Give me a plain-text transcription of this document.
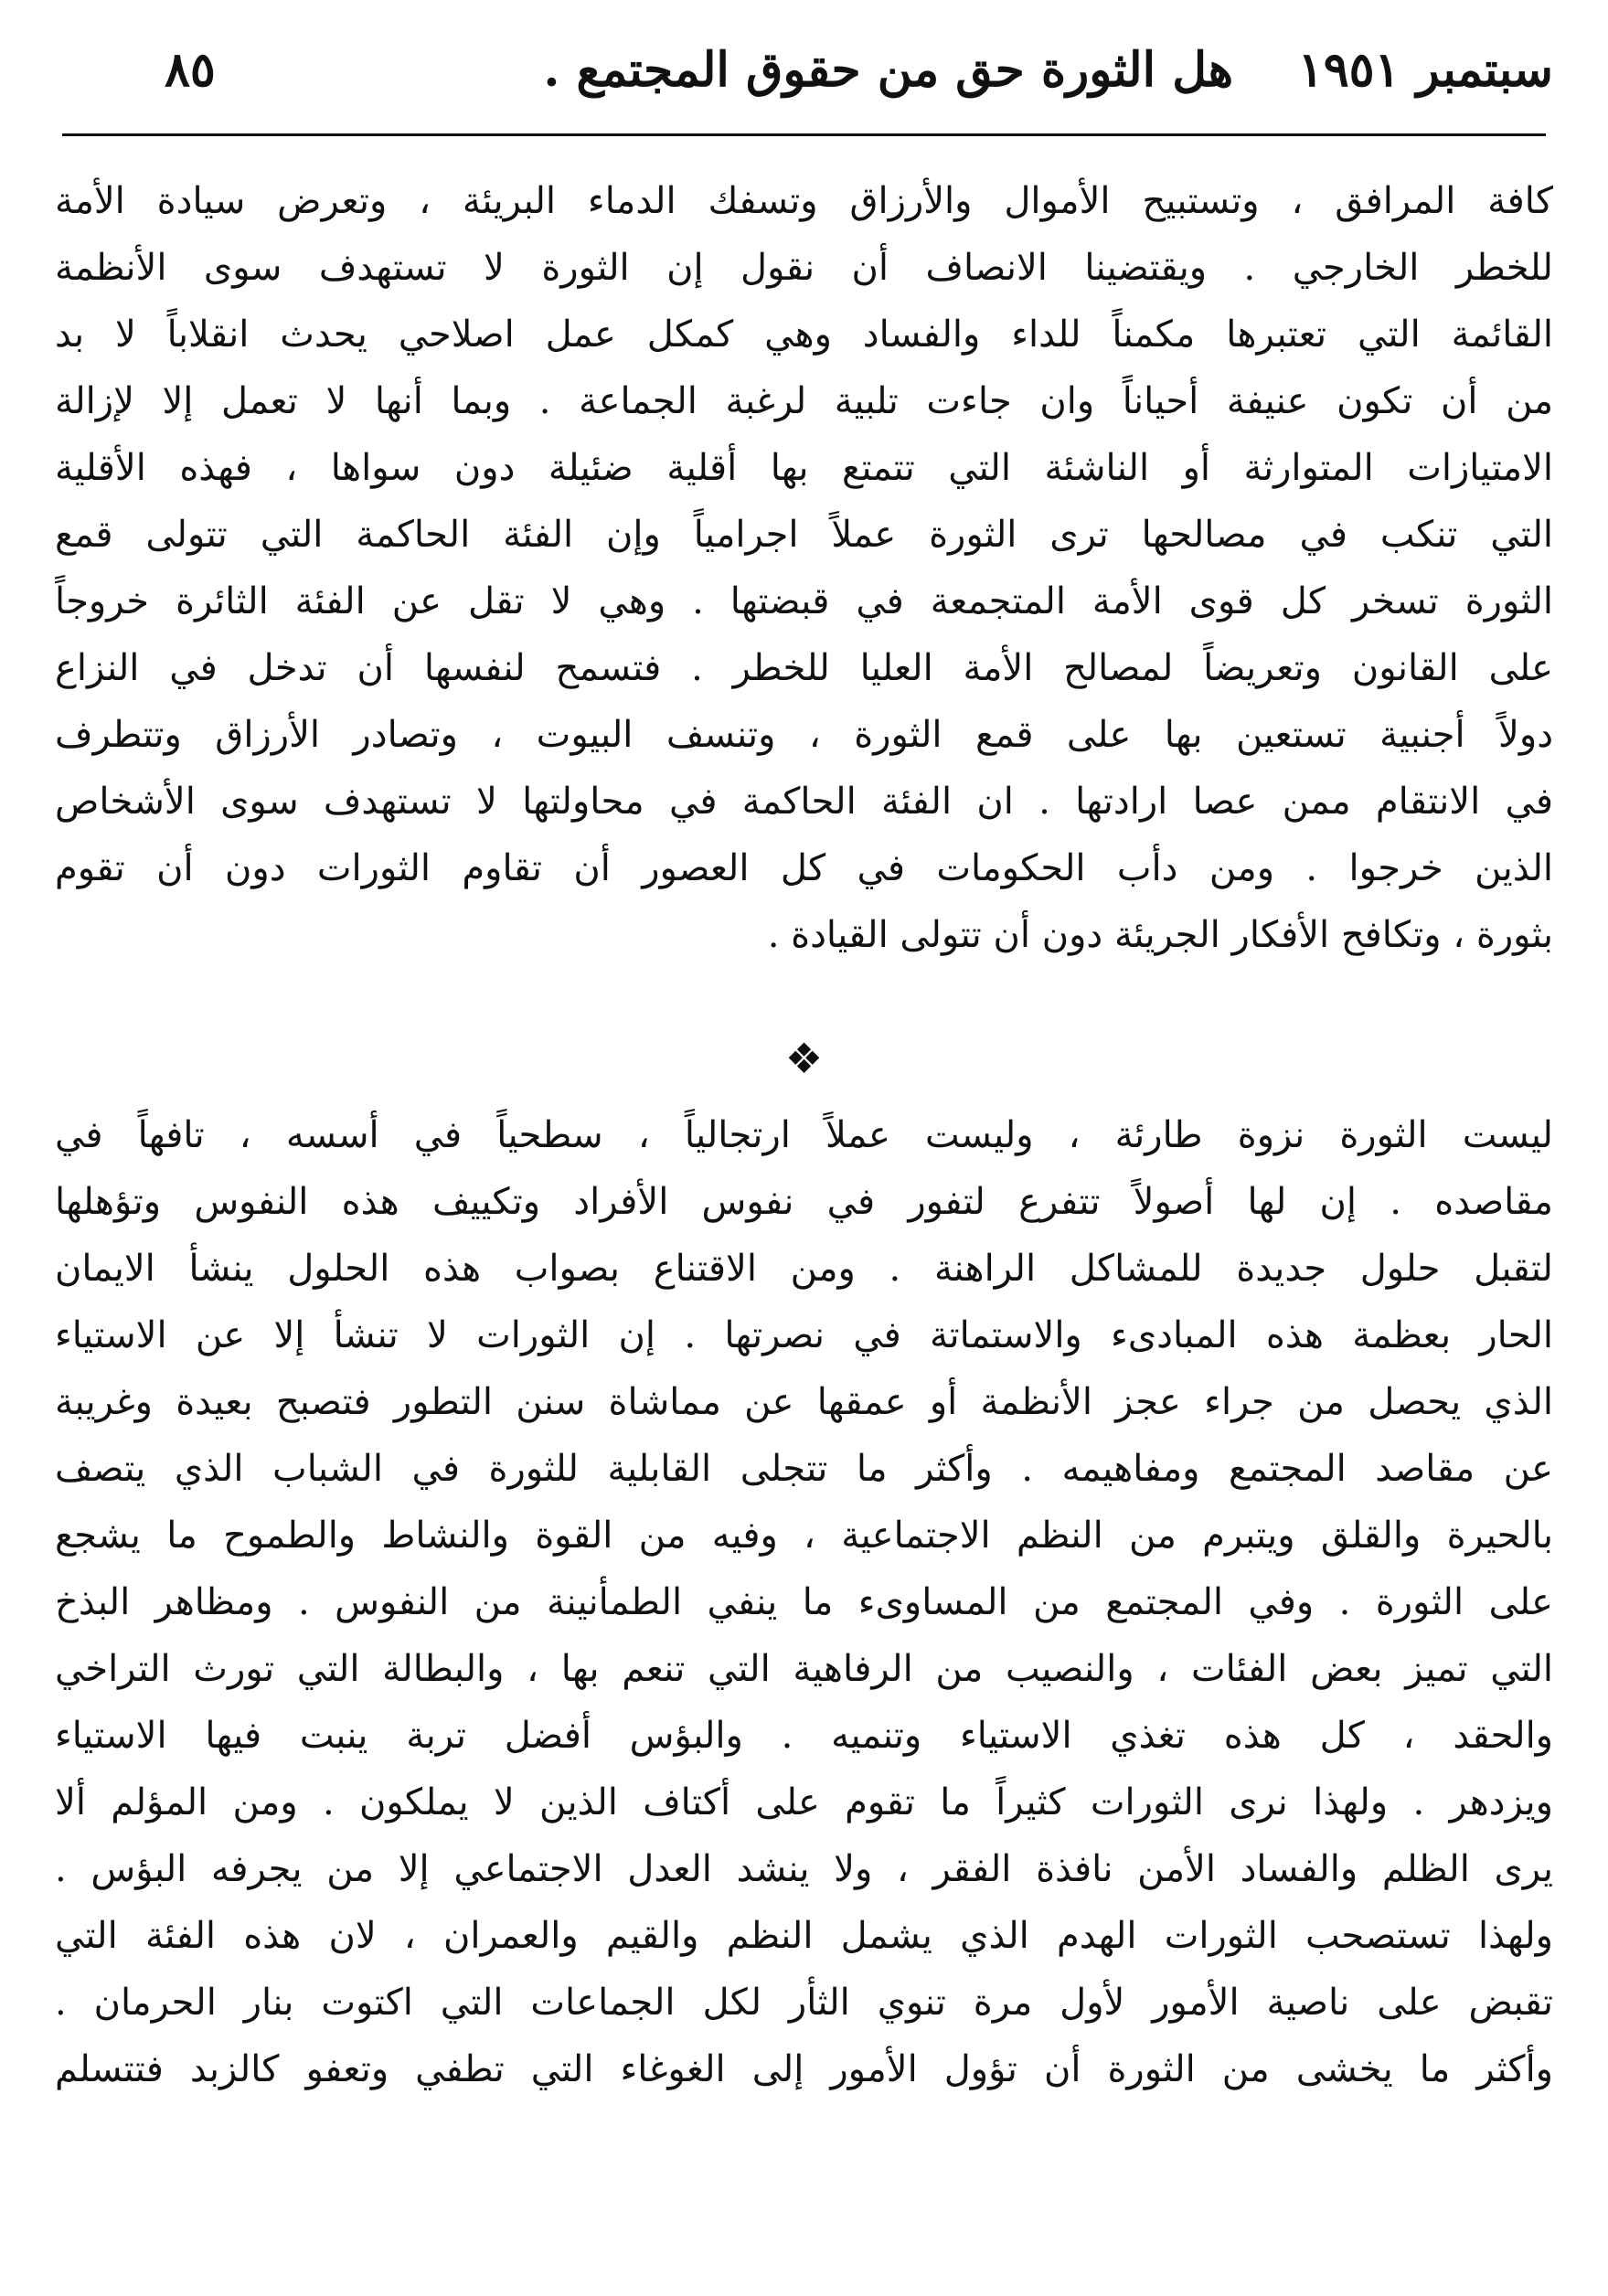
سبتمبر ١٩٥١
هل الثورة حق من حقوق المجتمع .
٨٥
كافة المرافق ، وتستبيح الأموال والأرزاق وتسفك الدماء البريئة ، وتعرض سيادة الأمة
للخطر الخارجي . ويقتضينا الانصاف أن نقول إن الثورة لا تستهدف سوى الأنظمة
القائمة التي تعتبرها مكمناً للداء والفساد وهي كمكل عمل اصلاحي يحدث انقلاباً لا بد
من أن تكون عنيفة أحياناً وان جاءت تلبية لرغبة الجماعة . وبما أنها لا تعمل إلا لإزالة
الامتيازات المتوارثة أو الناشئة التي تتمتع بها أقلية ضئيلة دون سواها ، فهذه الأقلية
التي تنكب في مصالحها ترى الثورة عملاً اجرامياً وإن الفئة الحاكمة التي تتولى قمع
الثورة تسخر كل قوى الأمة المتجمعة في قبضتها . وهي لا تقل عن الفئة الثائرة خروجاً
على القانون وتعريضاً لمصالح الأمة العليا للخطر . فتسمح لنفسها أن تدخل في النزاع
دولاً أجنبية تستعين بها على قمع الثورة ، وتنسف البيوت ، وتصادر الأرزاق وتتطرف
في الانتقام ممن عصا ارادتها . ان الفئة الحاكمة في محاولتها لا تستهدف سوى الأشخاص
الذين خرجوا . ومن دأب الحكومات في كل العصور أن تقاوم الثورات دون أن تقوم
بثورة ، وتكافح الأفكار الجريئة دون أن تتولى القيادة .
❖
ليست الثورة نزوة طارئة ، وليست عملاً ارتجالياً ، سطحياً في أسسه ، تافهاً في
مقاصده . إن لها أصولاً تتفرع لتفور في نفوس الأفراد وتكييف هذه النفوس وتؤهلها
لتقبل حلول جديدة للمشاكل الراهنة . ومن الاقتناع بصواب هذه الحلول ينشأ الايمان
الحار بعظمة هذه المبادىء والاستماتة في نصرتها . إن الثورات لا تنشأ إلا عن الاستياء
الذي يحصل من جراء عجز الأنظمة أو عمقها عن مماشاة سنن التطور فتصبح بعيدة وغريبة
عن مقاصد المجتمع ومفاهيمه . وأكثر ما تتجلى القابلية للثورة في الشباب الذي يتصف
بالحيرة والقلق ويتبرم من النظم الاجتماعية ، وفيه من القوة والنشاط والطموح ما يشجع
على الثورة . وفي المجتمع من المساوىء ما ينفي الطمأنينة من النفوس . ومظاهر البذخ
التي تميز بعض الفئات ، والنصيب من الرفاهية التي تنعم بها ، والبطالة التي تورث التراخي
والحقد ، كل هذه تغذي الاستياء وتنميه . والبؤس أفضل تربة ينبت فيها الاستياء
ويزدهر . ولهذا نرى الثورات كثيراً ما تقوم على أكتاف الذين لا يملكون . ومن المؤلم ألا
يرى الظلم والفساد الأمن نافذة الفقر ، ولا ينشد العدل الاجتماعي إلا من يجرفه البؤس .
ولهذا تستصحب الثورات الهدم الذي يشمل النظم والقيم والعمران ، لان هذه الفئة التي
تقبض على ناصية الأمور لأول مرة تنوي الثأر لكل الجماعات التي اكتوت بنار الحرمان .
وأكثر ما يخشى من الثورة أن تؤول الأمور إلى الغوغاء التي تطفي وتعفو كالزبد فتتسلم
